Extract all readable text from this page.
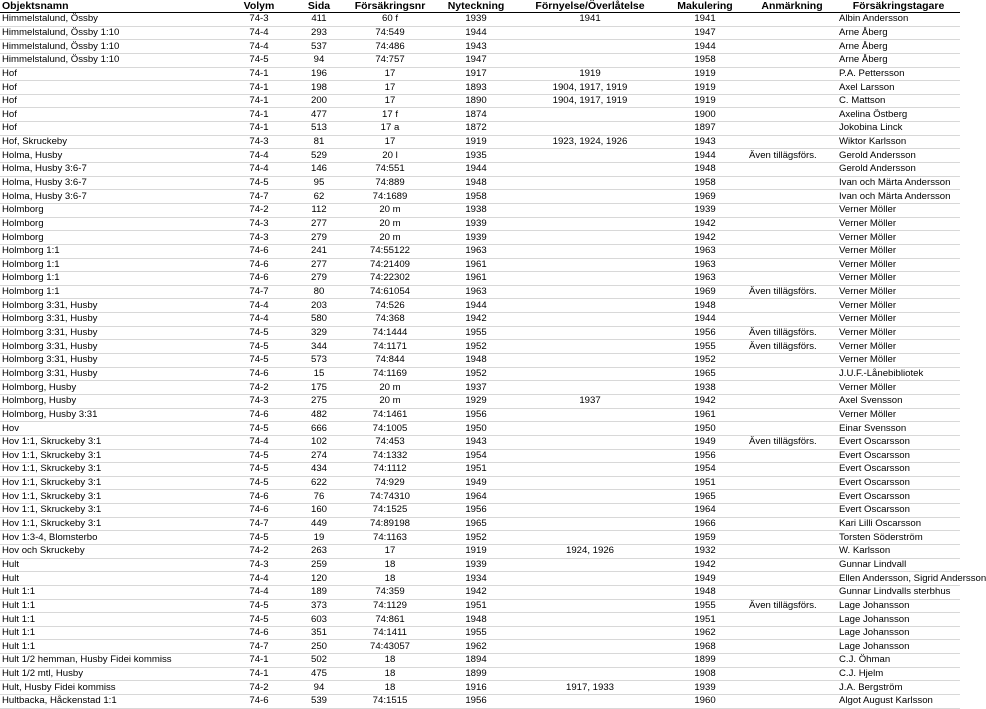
Objektsnamn	Volym	Sida	Försäkringsnr	Nyteckning	Förnyelse/Överlåtelse	Makulering	Anmärkning	Försäkringstagare
Himmelstalund, Össby	74-3	411	60 f	1939	1941	1941		Albin Andersson
Himmelstalund, Össby 1:10	74-4	293	74:549	1944		1947		Arne Åberg
Himmelstalund, Össby 1:10	74-4	537	74:486	1943		1944		Arne Åberg
Himmelstalund, Össby 1:10	74-5	94	74:757	1947		1958		Arne Åberg
Hof	74-1	196	17	1917	1919	1919		P.A. Pettersson
Hof	74-1	198	17	1893	1904, 1917, 1919	1919		Axel Larsson
Hof	74-1	200	17	1890	1904, 1917, 1919	1919		C. Mattson
Hof	74-1	477	17 f	1874		1900		Axelina Östberg
Hof	74-1	513	17 a	1872		1897		Jokobina Linck
Hof, Skruckeby	74-3	81	17	1919	1923, 1924, 1926	1943		Wiktor Karlsson
Holma, Husby	74-4	529	20 l	1935		1944	Även tillägsförs.	Gerold Andersson
Holma, Husby 3:6-7	74-4	146	74:551	1944		1948		Gerold Andersson
Holma, Husby 3:6-7	74-5	95	74:889	1948		1958		Ivan och Märta Andersson
Holma, Husby 3:6-7	74-7	62	74:1689	1958		1969		Ivan och Märta Andersson
Holmborg	74-2	112	20 m	1938		1939		Verner Möller
Holmborg	74-3	277	20 m	1939		1942		Verner Möller
Holmborg	74-3	279	20 m	1939		1942		Verner Möller
Holmborg 1:1	74-6	241	74:55122	1963		1963		Verner Möller
Holmborg 1:1	74-6	277	74:21409	1961		1963		Verner Möller
Holmborg 1:1	74-6	279	74:22302	1961		1963		Verner Möller
Holmborg 1:1	74-7	80	74:61054	1963		1969	Även tillägsförs.	Verner Möller
Holmborg 3:31, Husby	74-4	203	74:526	1944		1948		Verner Möller
Holmborg 3:31, Husby	74-4	580	74:368	1942		1944		Verner Möller
Holmborg 3:31, Husby	74-5	329	74:1444	1955		1956	Även tillägsförs.	Verner Möller
Holmborg 3:31, Husby	74-5	344	74:1171	1952		1955	Även tillägsförs.	Verner Möller
Holmborg 3:31, Husby	74-5	573	74:844	1948		1952		Verner Möller
Holmborg 3:31, Husby	74-6	15	74:1169	1952		1965		J.U.F.-Lånebibliotek
Holmborg, Husby	74-2	175	20 m	1937		1938		Verner Möller
Holmborg, Husby	74-3	275	20 m	1929	1937	1942		Axel Svensson
Holmborg, Husby 3:31	74-6	482	74:1461	1956		1961		Verner Möller
Hov	74-5	666	74:1005	1950		1950		Einar Svensson
Hov 1:1, Skruckeby 3:1	74-4	102	74:453	1943		1949	Även tillägsförs.	Evert Oscarsson
Hov 1:1, Skruckeby 3:1	74-5	274	74:1332	1954		1956		Evert Oscarsson
Hov 1:1, Skruckeby 3:1	74-5	434	74:1112	1951		1954		Evert Oscarsson
Hov 1:1, Skruckeby 3:1	74-5	622	74:929	1949		1951		Evert Oscarsson
Hov 1:1, Skruckeby 3:1	74-6	76	74:74310	1964		1965		Evert Oscarsson
Hov 1:1, Skruckeby 3:1	74-6	160	74:1525	1956		1964		Evert Oscarsson
Hov 1:1, Skruckeby 3:1	74-7	449	74:89198	1965		1966		Kari Lilli Oscarsson
Hov 1:3-4, Blomsterbo	74-5	19	74:1163	1952		1959		Torsten Söderström
Hov och Skruckeby	74-2	263	17	1919	1924, 1926	1932		W. Karlsson
Hult	74-3	259	18	1939		1942		Gunnar Lindvall
Hult	74-4	120	18	1934		1949		Ellen Andersson, Sigrid Andersson
Hult 1:1	74-4	189	74:359	1942		1948		Gunnar Lindvalls sterbhus
Hult 1:1	74-5	373	74:1129	1951		1955	Även tillägsförs.	Lage Johansson
Hult 1:1	74-5	603	74:861	1948		1951		Lage Johansson
Hult 1:1	74-6	351	74:1411	1955		1962		Lage Johansson
Hult 1:1	74-7	250	74:43057	1962		1968		Lage Johansson
Hult 1/2 hemman, Husby Fidei kommiss	74-1	502	18	1894		1899		C.J. Öhman
Hult 1/2 mtl, Husby	74-1	475	18	1899		1908		C.J. Hjelm
Hult, Husby Fidei kommiss	74-2	94	18	1916	1917, 1933	1939		J.A. Bergström
Hultbacka, Håckenstad 1:1	74-6	539	74:1515	1956		1960		Algot August Karlsson
